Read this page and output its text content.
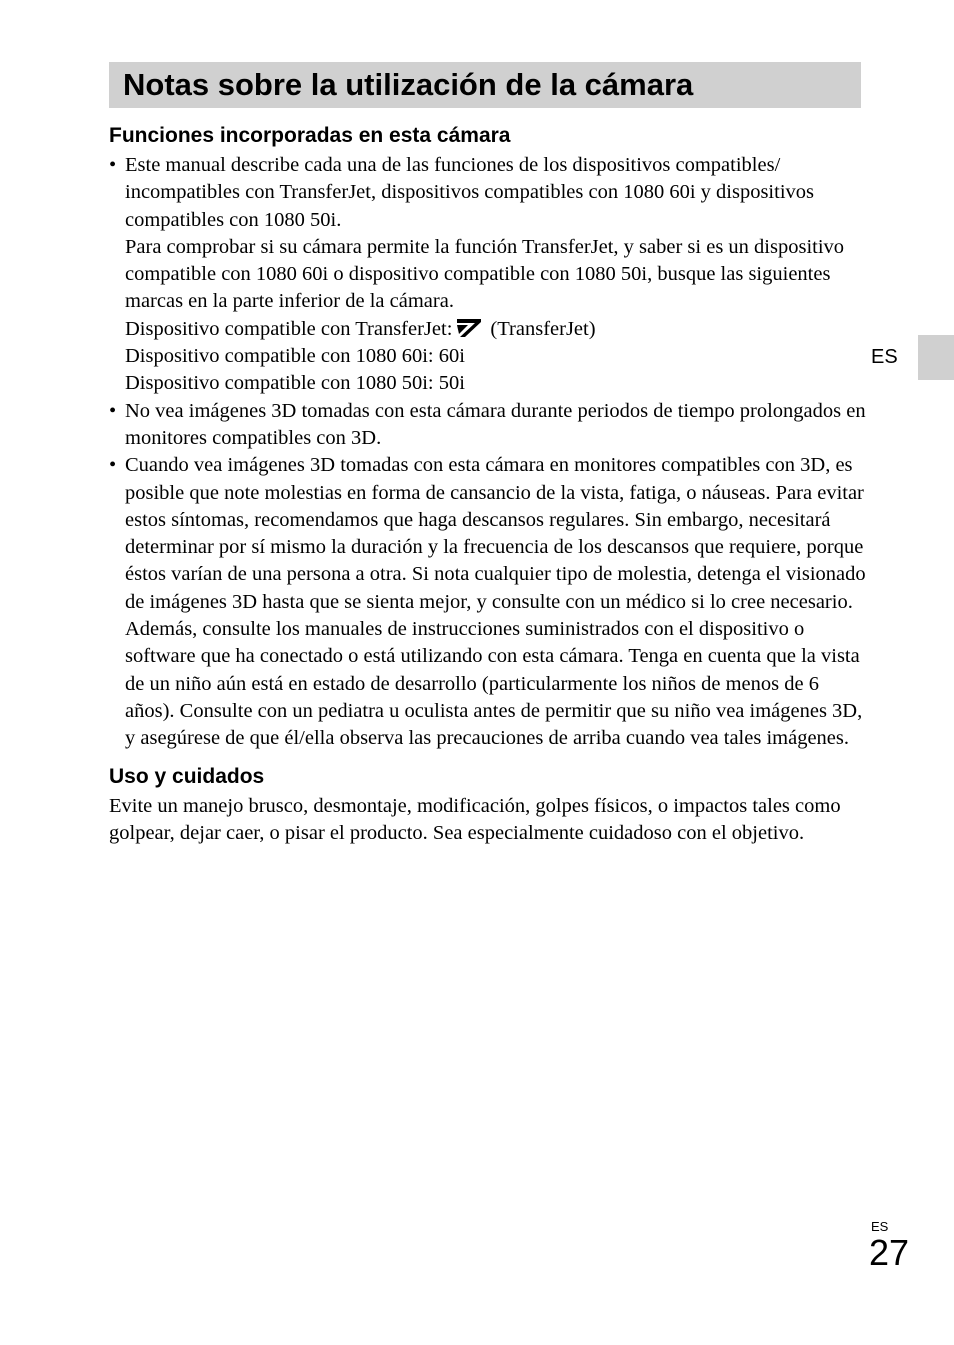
Notas sobre la utilización de la cámara
ES
Funciones incorporadas en esta cámara
• Este manual describe cada una de las funciones de los dispositivos compatibles/ incompatibles con TransferJet, dispositivos compatibles con 1080 60i y dispositivos compatibles con 1080 50i.
Para comprobar si su cámara permite la función TransferJet, y saber si es un dispositivo compatible con 1080 60i o dispositivo compatible con 1080 50i, busque las siguientes marcas en la parte inferior de la cámara.
Dispositivo compatible con TransferJet: (TransferJet)
Dispositivo compatible con 1080 60i: 60i
Dispositivo compatible con 1080 50i: 50i
• No vea imágenes 3D tomadas con esta cámara durante periodos de tiempo prolongados en monitores compatibles con 3D.
• Cuando vea imágenes 3D tomadas con esta cámara en monitores compatibles con 3D, es posible que note molestias en forma de cansancio de la vista, fatiga, o náuseas. Para evitar estos síntomas, recomendamos que haga descansos regulares. Sin embargo, necesitará determinar por sí mismo la duración y la frecuencia de los descansos que requiere, porque éstos varían de una persona a otra. Si nota cualquier tipo de molestia, detenga el visionado de imágenes 3D hasta que se sienta mejor, y consulte con un médico si lo cree necesario. Además, consulte los manuales de instrucciones suministrados con el dispositivo o software que ha conectado o está utilizando con esta cámara. Tenga en cuenta que la vista de un niño aún está en estado de desarrollo (particularmente los niños de menos de 6 años). Consulte con un pediatra u oculista antes de permitir que su niño vea imágenes 3D, y asegúrese de que él/ella observa las precauciones de arriba cuando vea tales imágenes.
Uso y cuidados

Evite un manejo brusco, desmontaje, modificación, golpes físicos, o impactos tales como golpear, dejar caer, o pisar el producto. Sea especialmente cuidadoso con el objetivo.

ES
27
